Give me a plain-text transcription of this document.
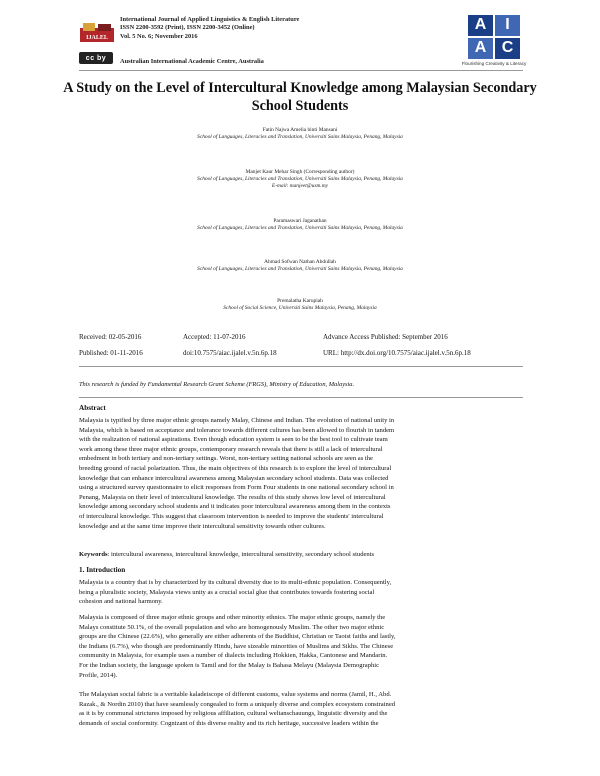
IJALEL
cc by
International Journal of Applied Linguistics & English Literature
ISSN 2200-3592 (Print), ISSN 2200-3452 (Online)
Vol. 5 No. 6; November 2016
Australian International Academic Centre, Australia
A	I
A C
Flourishing Creativity & Literacy
A Study on the Level of Intercultural Knowledge among Malaysian Secondary School Students
Fatin Najwa Amelia binti Mansani
School of Languages, Literacies and Translation, Universiti Sains Malaysia, Penang, Malaysia
Manjet Kaur Mehar Singh (Corresponding author)
School of Languages, Literacies and Translation, Universiti Sains Malaysia, Penang, Malaysia
E-mail: manjeet@usm.my
Paramaswari Jaganathan
School of Languages, Literacies and Translation, Universiti Sains Malaysia, Penang, Malaysia
Ahmad Sofwan Nathan Abdullah
School of Languages, Literacies and Translation, Universiti Sains Malaysia, Penang, Malaysia
Premalatha Karupiah
School of Social Science, Universiti Sains Malaysia, Penang, Malaysia
Received: 02-05-2016	Accepted: 11-07-2016	Advance Access Published: September 2016
Published: 01-11-2016	doi:10.7575/aiac.ijalel.v.5n.6p.18	URL: http://dx.doi.org/10.7575/aiac.ijalel.v.5n.6p.18
This research is funded by Fundamental Research Grant Scheme (FRGS), Ministry of Education, Malaysia.
Abstract
Malaysia is typified by three major ethnic groups namely Malay, Chinese and Indian. The evolution of national unity in
Malaysia, which is based on acceptance and tolerance towards different cultures has been allowed to flourish in tandem
with the realization of national aspirations. Even though education system is seen to be the best tool to cultivate team
work among these three major ethnic groups, contemporary research reveals that there is still a lack of intercultural
embedment in both tertiary and non-tertiary settings. Worst, non-tertiary setting national schools are seen as the
breeding ground of racial polarization. Thus, the main objectives of this research is to explore the level of intercultural
knowledge that can enhance intercultural awareness among Malaysian secondary school students. Data was collected
using a structured survey questionnaire to elicit responses from Form Four students in one national secondary school in
Penang, Malaysia on their level of intercultural knowledge. The results of this study shows low level of intercultural
knowledge among secondary school students and it indicates poor intercultural awareness among them in the contexts
of intercultural knowledge. This suggest that classroom intervention is needed to improve the students' intercultural
knowledge and at the same time improve their intercultural sensitivity towards other cultures.
Keywords: intercultural awareness, intercultural knowledge, intercultural sensitivity, secondary school students
1. Introduction
Malaysia is a country that is by characterized by its cultural diversity due to its multi-ethnic population. Consequently,
being a pluralistic society, Malaysia views unity as a crucial social glue that contributes towards fostering social
cohesion and national harmony.
Malaysia is composed of three major ethnic groups and other minority ethnics. The major ethnic groups, namely the
Malays constitute 50.1%, of the overall population and who are homogenously Muslim. The other two major ethnic
groups are the Chinese (22.6%), who generally are either adherents of the Buddhist, Christian or Taoist faiths and lastly,
the Indians (6.7%), who though are predominantly Hindu, have sizeable minorities of Muslims and Sikhs. The Chinese
community in Malaysia, for example uses a number of dialects including Hokkien, Hakka, Cantonese and Mandarin.
For the Indian society, the language spoken is Tamil and for the Malay is Bahasa Melayu (Malaysia Demographic
Profile, 2014).
The Malaysian social fabric is a veritable kaladeiscope of different customs, value systems and norms (Jamil, H., Abd.
Razak., & Nordin 2010) that have seamlessly congealed to form a uniquely diverse and complex ecosystem constrained
as it is by communal strictures imposed by religious affiliation, cultural weltanschauungs, linguistic diversity and the
demands of social conformity. Cognizant of this diverse reality and its rich heritage, successive leaders within the
